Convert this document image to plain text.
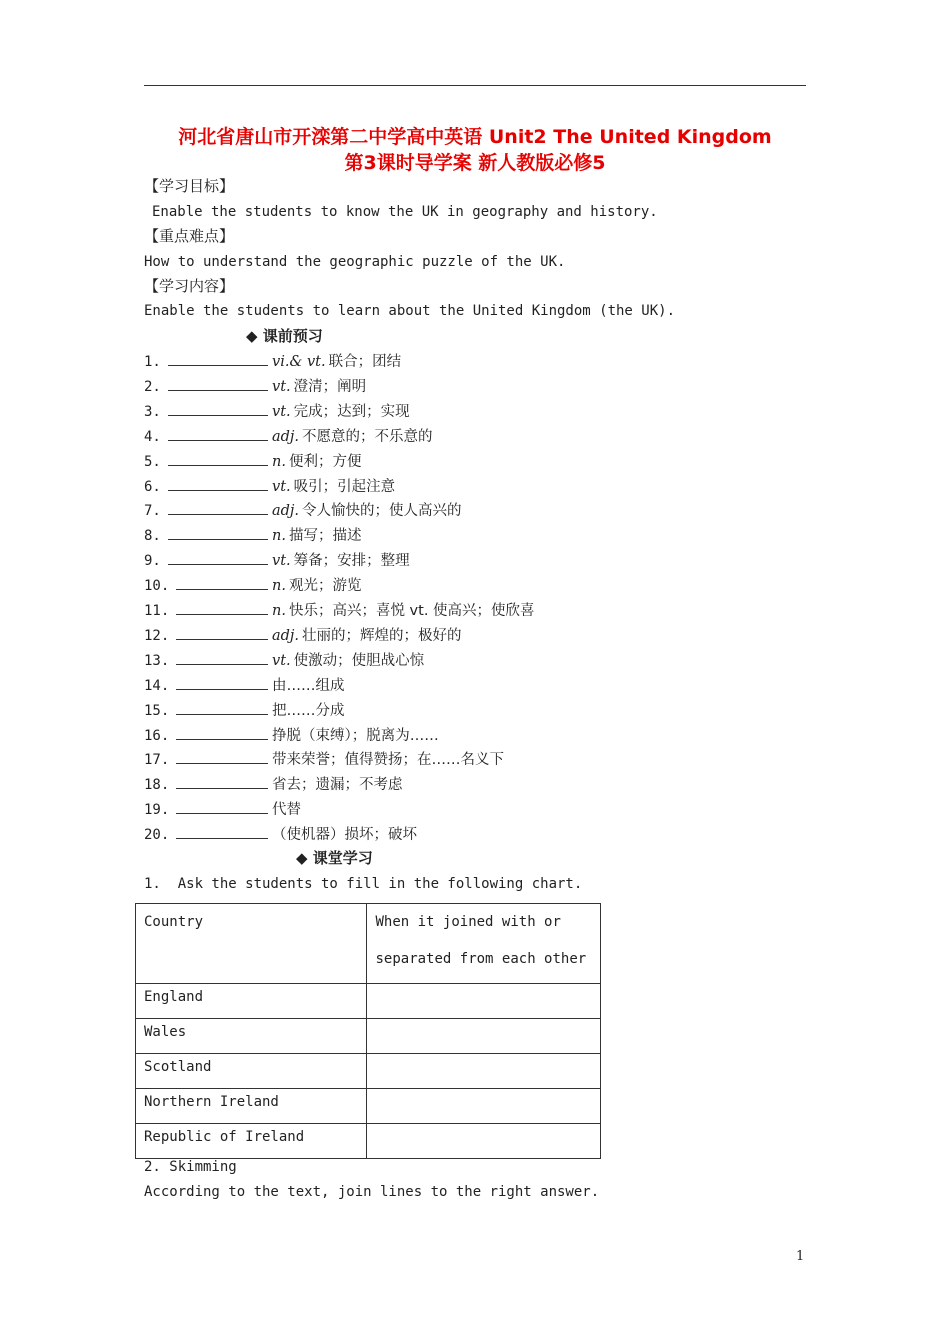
河北省唐山市开滦第二中学高中英语 Unit2 The United Kingdom
第3课时导学案 新人教版必修5
【学习目标】
Enable the students to know the UK in geography and history.
【重点难点】
How to understand the geographic puzzle of the UK.
【学习内容】
Enable the students to learn about the United Kingdom (the UK).
◆ 课前预习
1.	vi.& vt. 联合；团结
2.	vt. 澄清；阐明
3.	vt. 完成；达到；实现
4.	adj. 不愿意的；不乐意的
5.	n. 便利；方便
6.	vt. 吸引；引起注意
7.	adj. 令人愉快的；使人高兴的
8.	n. 描写；描述
9.	vt. 筹备；安排；整理
10.	n. 观光；游览
11.	n. 快乐；高兴；喜悦 vt. 使高兴；使欣喜
12.	adj. 壮丽的；辉煌的；极好的
13.	vt. 使激动；使胆战心惊
14.	由……组成
15.	把……分成
16.	挣脱（束缚）；脱离为……
17.	带来荣誉；值得赞扬；在……名义下
18.	省去；遗漏；不考虑
19.	代替
20.	（使机器）损坏；破坏
◆ 课堂学习
1.  Ask the students to fill in the following chart.
Country	When it joined with or separated from each other
England	
Wales	
Scotland	
Northern Ireland	
Republic of Ireland	
2. Skimming
According to the text, join lines to the right answer.
1
